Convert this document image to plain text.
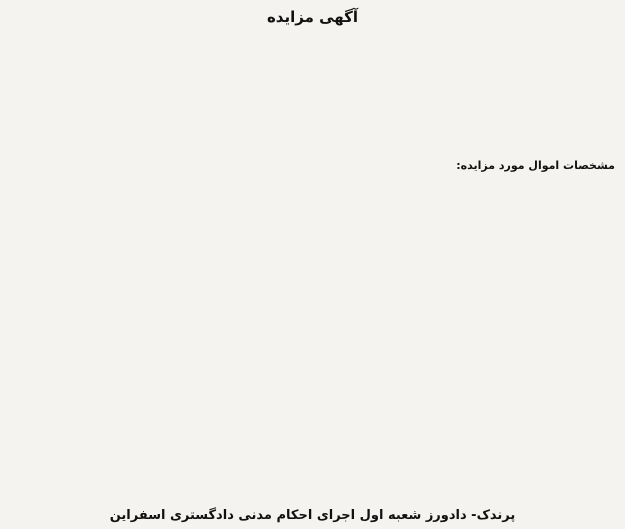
آگهی مزایده
مشخصات اموال مورد مزایده:
پرندک- دادورز شعبه اول اجرای احکام مدنی دادگستری اسفراین
